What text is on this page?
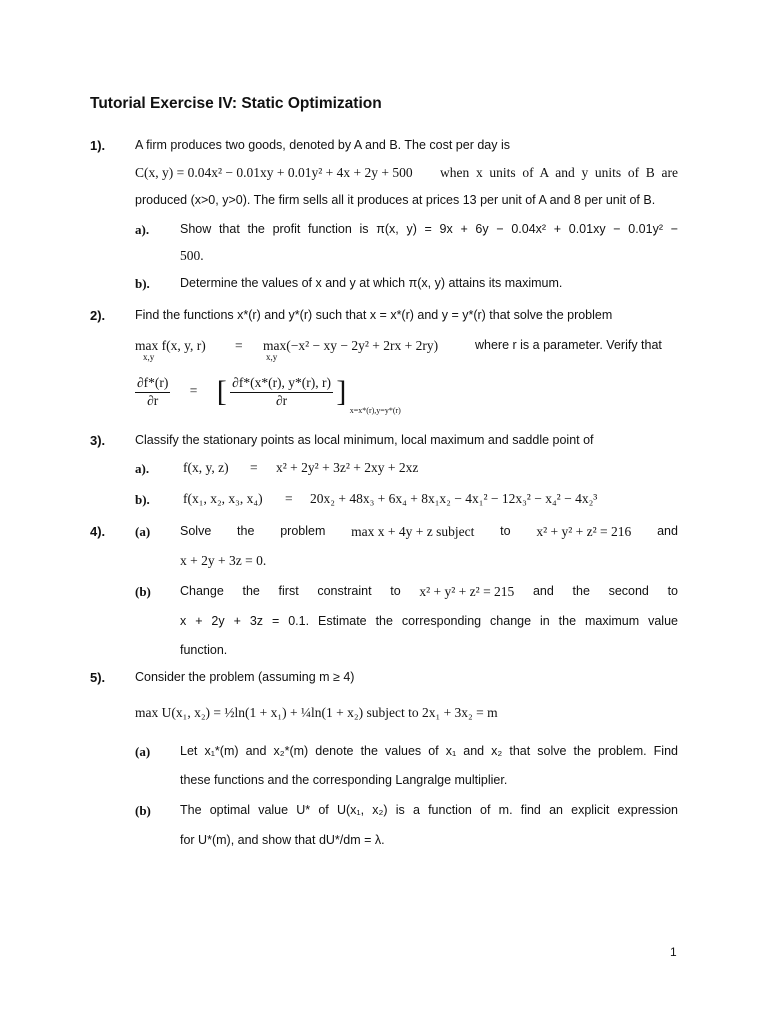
Tutorial Exercise IV: Static Optimization
1). A firm produces two goods, denoted by A and B. The cost per day is
C(x, y) = 0.04x² − 0.01xy + 0.01y² + 4x + 2y + 500 when x units of A and y units of B are
produced (x>0, y>0). The firm sells all it produces at prices 13 per unit of A and 8 per unit of B.
a). Show that the profit function is π(x, y) = 9x + 6y − 0.04x² + 0.01xy − 0.01y² −
500.
b). Determine the values of x and y at which π(x, y) attains its maximum.
2). Find the functions x*(r) and y*(r) such that x = x*(r) and y = y*(r) that solve the problem
max f(x, y, r)
x,y
= max(−x² − xy − 2y² + 2rx + 2ry)
x,y
where r is a parameter. Verify that
$\frac{\partial f*(r)}{\partial r}$ = [ $\frac{\partial f*(x*(r), y*(r), r)}{\partial r}$ ] $_{x=x*(r),y=y*(r)}$
3). Classify the stationary points as local minimum, local maximum and saddle point of
a).	f(x, y, z) = x² + 2y² + 3z² + 2xy + 2xz
b). f(x₁, x₂, x₃, x₄) = 20x₂ + 48x₃ + 6x₄ + 8x₁x₂ − 4x₁² − 12x₃² − x₄² − 4x₂³
4). (a) Solve the problem max x + 4y + z subject to x² + y² + z² = 216 and
x + 2y + 3z = 0.
(b) Change the first constraint to x² + y² + z² = 215 and the second to
x + 2y + 3z = 0.1. Estimate the corresponding change in the maximum value
function.
5). Consider the problem (assuming m ≥ 4)
max U(x₁, x₂) = ½ln(1 + x₁) + ¼ln(1 + x₂) subject to 2x₁ + 3x₂ = m
(a) Let x₁*(m) and x₂*(m) denote the values of x₁ and x₂ that solve the problem. Find
these functions and the corresponding Langralge multiplier.
(b) The optimal value U* of U(x₁, x₂) is a function of m. find an explicit expression
for U*(m), and show that dU*/dm = λ.
1
